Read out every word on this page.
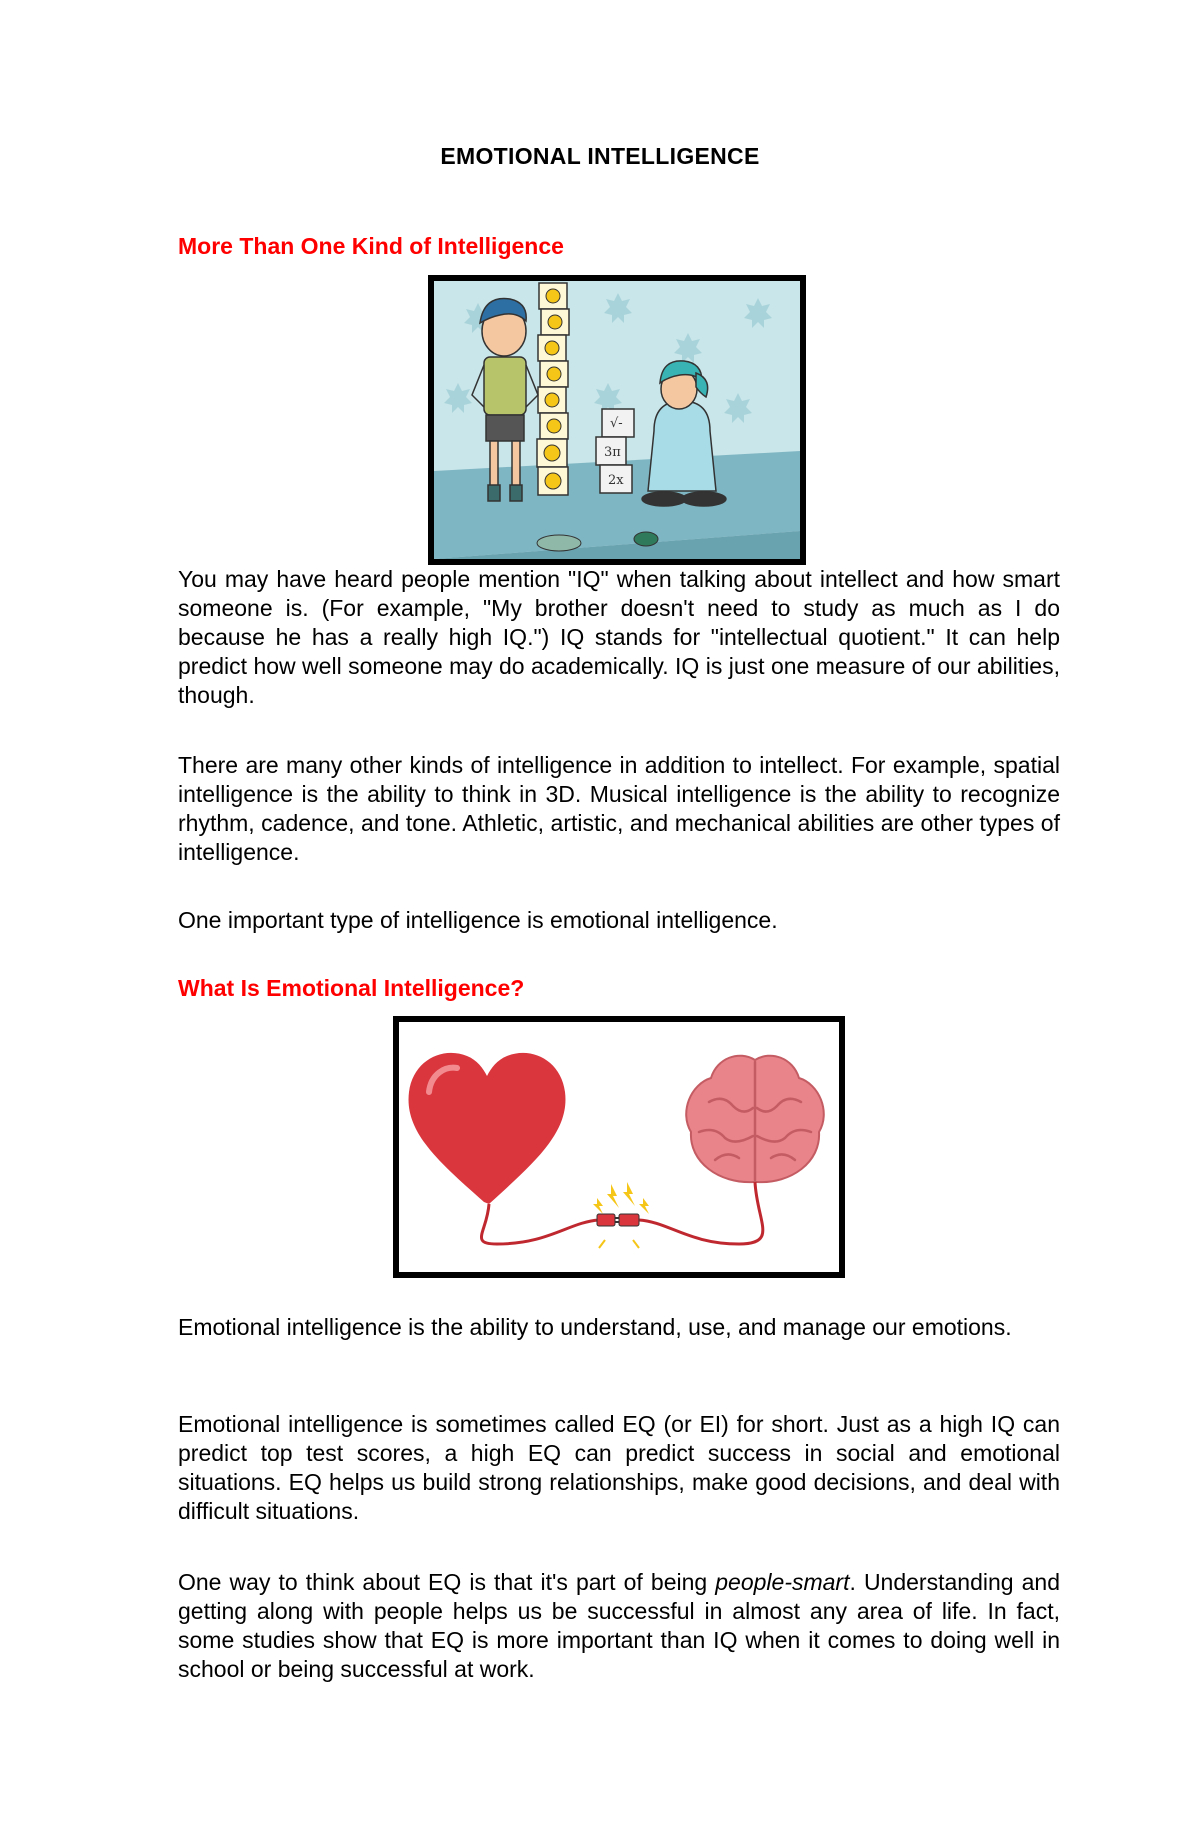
EMOTIONAL INTELLIGENCE
More Than One Kind of Intelligence
√-
3π
2x

You may have heard people mention "IQ" when talking about intellect and how smart someone is. (For example, "My brother doesn't need to study as much as I do because he has a really high IQ.") IQ stands for "intellectual quotient." It can help predict how well someone may do academically. IQ is just one measure of our abilities, though.

There are many other kinds of intelligence in addition to intellect. For example, spatial intelligence is the ability to think in 3D. Musical intelligence is the ability to recognize rhythm, cadence, and tone. Athletic, artistic, and mechanical abilities are other types of intelligence.

One important type of intelligence is emotional intelligence.

What Is Emotional Intelligence?

Emotional intelligence is the ability to understand, use, and manage our emotions.

Emotional intelligence is sometimes called EQ (or EI) for short. Just as a high IQ can predict top test scores, a high EQ can predict success in social and emotional situations. EQ helps us build strong relationships, make good decisions, and deal with difficult situations.

One way to think about EQ is that it's part of being people-smart. Understanding and getting along with people helps us be successful in almost any area of life. In fact, some studies show that EQ is more important than IQ when it comes to doing well in school or being successful at work.
